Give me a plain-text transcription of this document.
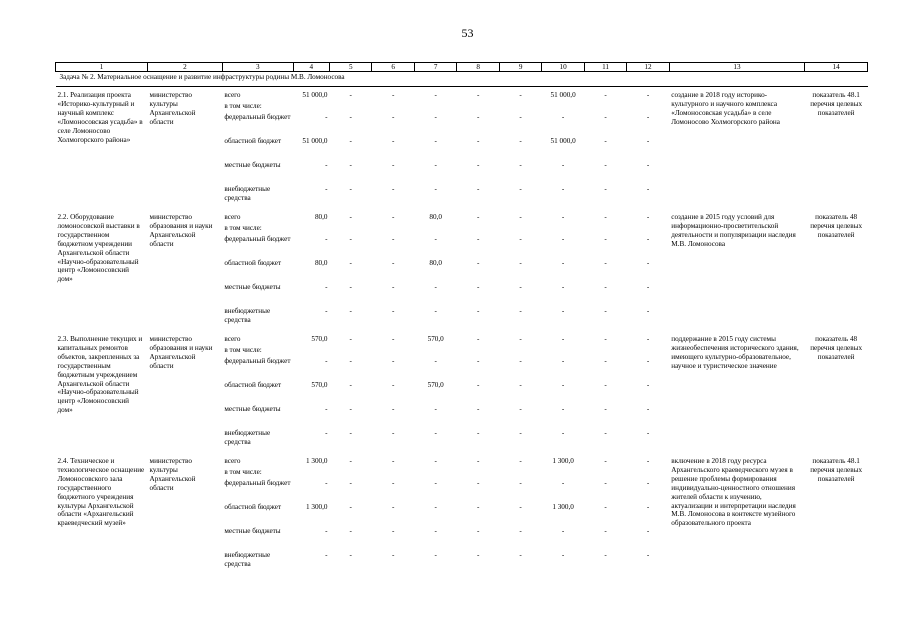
53
1	2	3	4	5	6	7	8	9	10	11	12	13	14
Задача № 2. Материальное оснащение и развитие инфраструктуры родины М.В. Ломоносова													

2.1. Реализация проекта «Историко-культурный и научный комплекс «Ломоносовская усадьба» в селе Ломоносово Холмогорского района»	министерство культуры Архангельской области	всего	51 000,0	-	-	-	-	-	51 000,0	-	-	создание в 2018 году историко-культурного и научного комплекса «Ломоносовская усадьба» в селе Ломоносово Холмогорского района	показатель 48.1 перечня целевых показателей
		в том числе:											
		федеральный бюджет	-	-	-	-	-	-	-	-	-		
		областной бюджет	51 000,0	-	-	-	-	-	51 000,0	-	-		
		местные бюджеты	-	-	-	-	-	-	-	-	-		
		внебюджетные средства	-	-	-	-	-	-	-	-	-		

2.2. Оборудование ломоносовской выставки в государственном бюджетном учреждении Архангельской области «Научно-образовательный центр «Ломоносовский дом»	министерство образования и науки Архангельской области	всего	80,0	-	-	80,0	-	-	-	-	-	создание в 2015 году условий для информационно-просветительской деятельности и популяризации наследия М.В. Ломоносова	показатель 48 перечня целевых показателей
		в том числе:											
		федеральный бюджет	-	-	-	-	-	-	-	-	-		
		областной бюджет	80,0	-	-	80,0	-	-	-	-	-		
		местные бюджеты	-	-	-	-	-	-	-	-	-		
		внебюджетные средства	-	-	-	-	-	-	-	-	-		

2.3. Выполнение текущих и капитальных ремонтов объектов, закрепленных за государственным бюджетным учреждением Архангельской области «Научно-образовательный центр «Ломоносовский дом»	министерство образования и науки Архангельской области	всего	570,0	-	-	570,0	-	-	-	-	-	поддержание в 2015 году системы жизнеобеспечения исторического здания, имеющего культурно-образовательное, научное и туристическое значение	показатель 48 перечня целевых показателей
		в том числе:											
		федеральный бюджет	-	-	-	-	-	-	-	-	-		
		областной бюджет	570,0	-	-	570,0	-	-	-	-	-		
		местные бюджеты	-	-	-	-	-	-	-	-	-		
		внебюджетные средства	-	-	-	-	-	-	-	-	-		

2.4. Техническое и технологическое оснащение Ломоносовского зала государственного бюджетного учреждения культуры Архангельской области «Архангельский краеведческий музей»	министерство культуры Архангельской области	всего	1 300,0	-	-	-	-	-	1 300,0	-	-	включение в 2018 году ресурса Архангельского краеведческого музея в решение проблемы формирования индивидуально-ценностного отношения жителей области к изучению, актуализации и интерпретации наследия М.В. Ломоносова в контексте музейного образовательного проекта	показатель 48.1 перечня целевых показателей
		в том числе:											
		федеральный бюджет	-	-	-	-	-	-	-	-	-		
		областной бюджет	1 300,0	-	-	-	-	-	1 300,0	-	-		
		местные бюджеты	-	-	-	-	-	-	-	-	-		
		внебюджетные средства	-	-	-	-	-	-	-	-	-		
